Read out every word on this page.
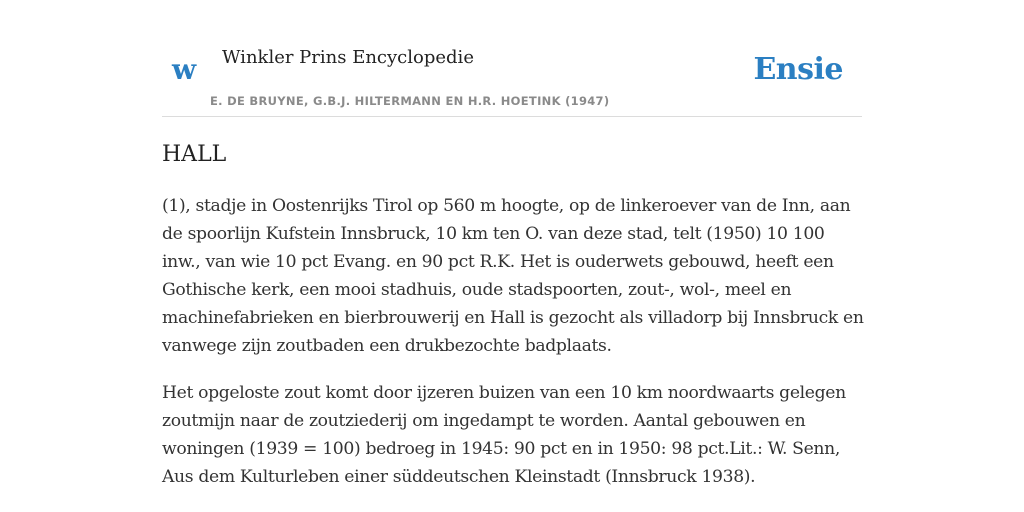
w Winkler Prins Encyclopedie
E. DE BRUYNE, G.B.J. HILTERMANN EN H.R. HOETINK (1947)
Ensie
HALL

(1), stadje in Oostenrijks Tirol op 560 m hoogte, op de linkeroever van de Inn, aan de spoorlijn Kufstein Innsbruck, 10 km ten O. van deze stad, telt (1950) 10 100 inw., van wie 10 pct Evang. en 90 pct R.K. Het is ouderwets gebouwd, heeft een Gothische kerk, een mooi stadhuis, oude stadspoorten, zout-, wol-, meel en machinefabrieken en bierbrouwerij en Hall is gezocht als villadorp bij Innsbruck en vanwege zijn zoutbaden een drukbezochte badplaats.

Het opgeloste zout komt door ijzeren buizen van een 10 km noordwaarts gelegen zoutmijn naar de zoutziederij om ingedampt te worden. Aantal gebouwen en woningen (1939 = 100) bedroeg in 1945: 90 pct en in 1950: 98 pct.Lit.: W. Senn, Aus dem Kulturleben einer süddeutschen Kleinstadt (Innsbruck 1938).
